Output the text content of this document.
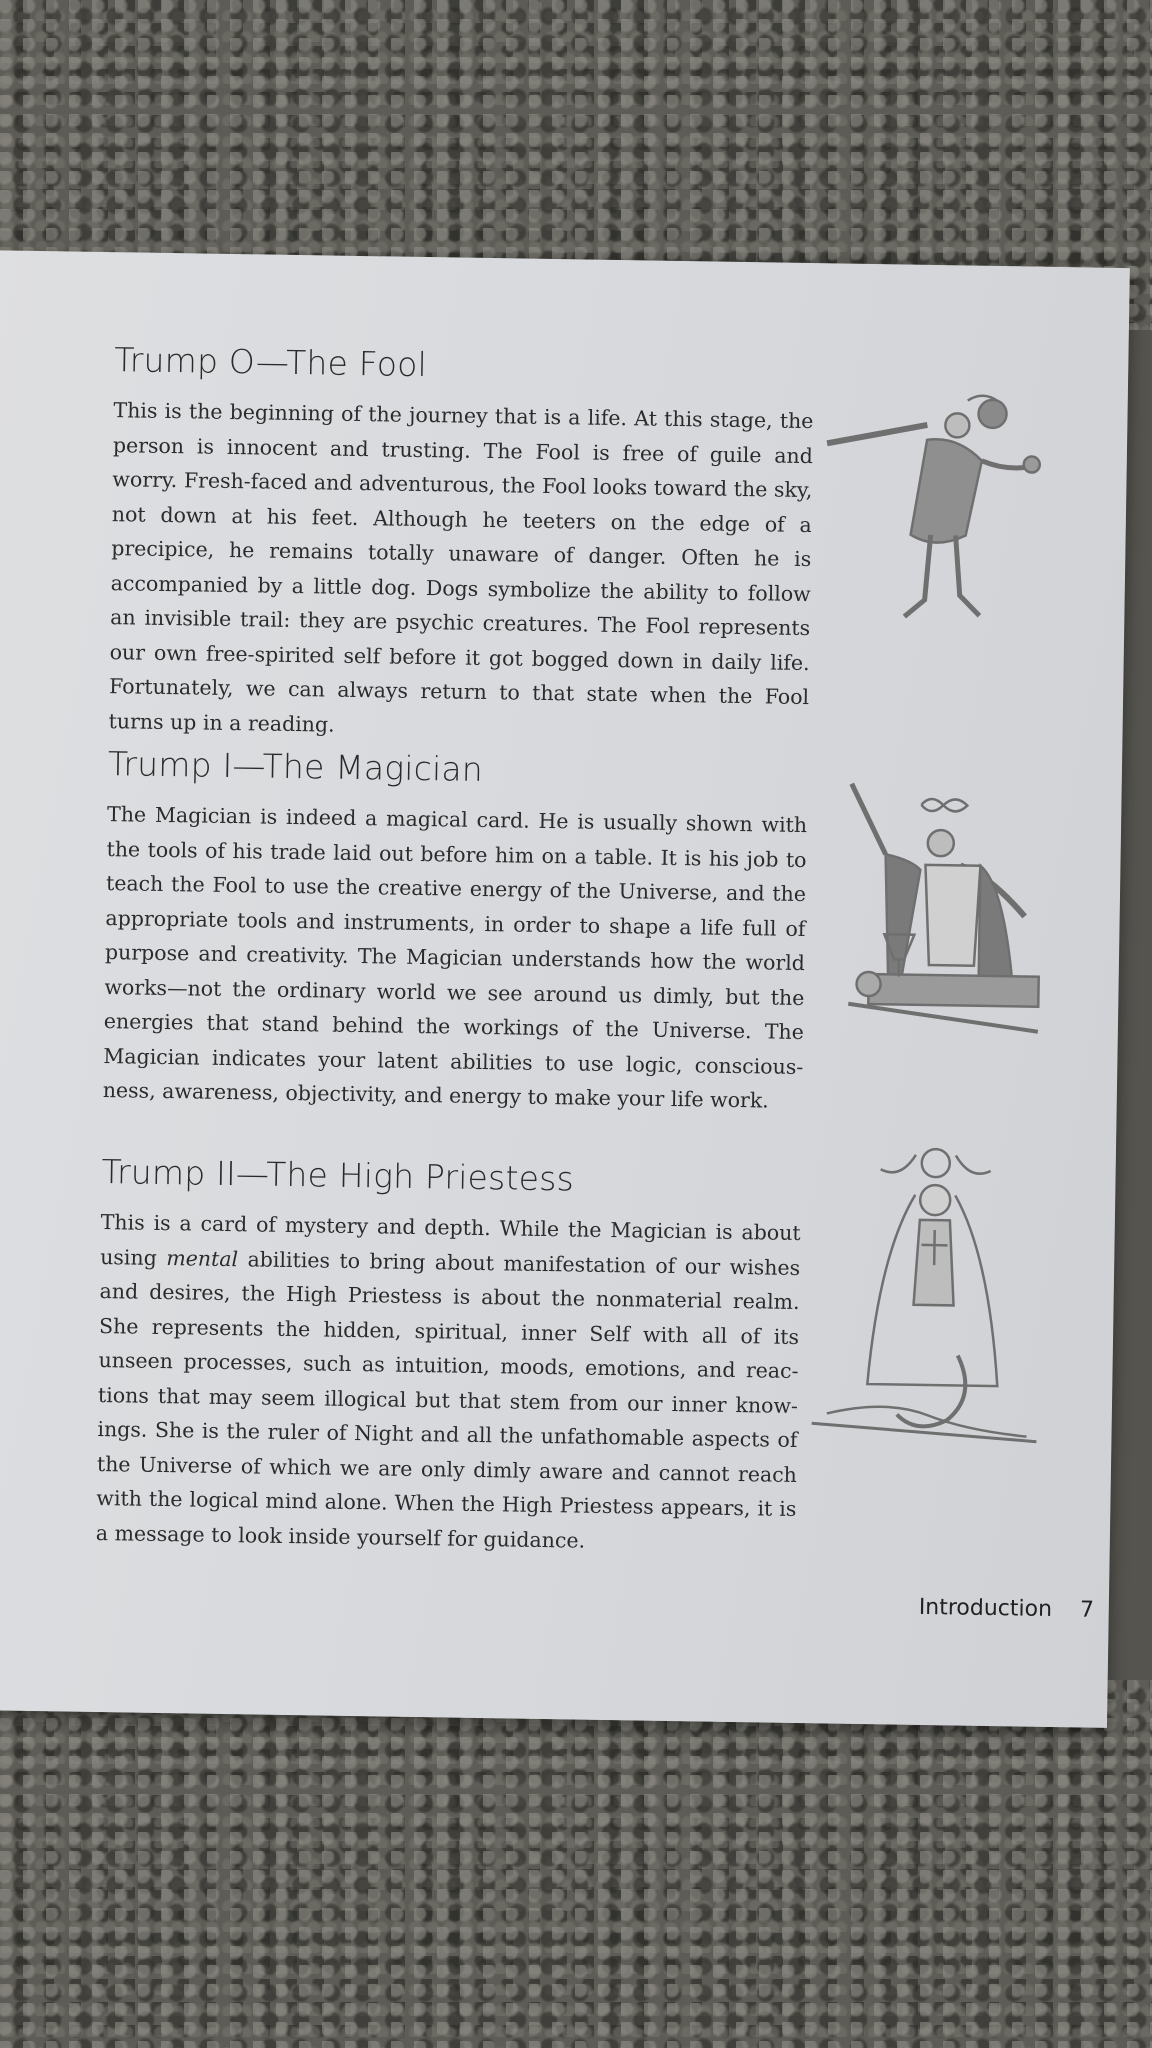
Trump O—The Fool

This is the beginning of the journey that is a life. At this stage, the person is innocent and trusting. The Fool is free of guile and worry. Fresh-faced and adventurous, the Fool looks toward the sky, not down at his feet. Although he teeters on the edge of a precipice, he remains totally unaware of danger. Often he is accompanied by a little dog. Dogs symbolize the ability to follow an invisible trail: they are psychic creatures. The Fool represents our own free-spirited self before it got bogged down in daily life. Fortunately, we can always return to that state when the Fool turns up in a reading.

Trump I—The Magician

The Magician is indeed a magical card. He is usually shown with the tools of his trade laid out before him on a table. It is his job to teach the Fool to use the creative energy of the Universe, and the appropriate tools and instruments, in order to shape a life full of purpose and creativity. The Magician understands how the world works—not the ordinary world we see around us dimly, but the energies that stand behind the workings of the Universe. The Magician indicates your latent abilities to use logic, conscious-ness, awareness, objectivity, and energy to make your life work.

Trump II—The High Priestess

This is a card of mystery and depth. While the Magician is about using mental abilities to bring about manifestation of our wishes and desires, the High Priestess is about the nonmaterial realm. She represents the hidden, spiritual, inner Self with all of its unseen processes, such as intuition, moods, emotions, and reac-tions that may seem illogical but that stem from our inner know-ings. She is the ruler of Night and all the unfathomable aspects of the Universe of which we are only dimly aware and cannot reach with the logical mind alone. When the High Priestess appears, it is a message to look inside yourself for guidance.

Introduction 7
